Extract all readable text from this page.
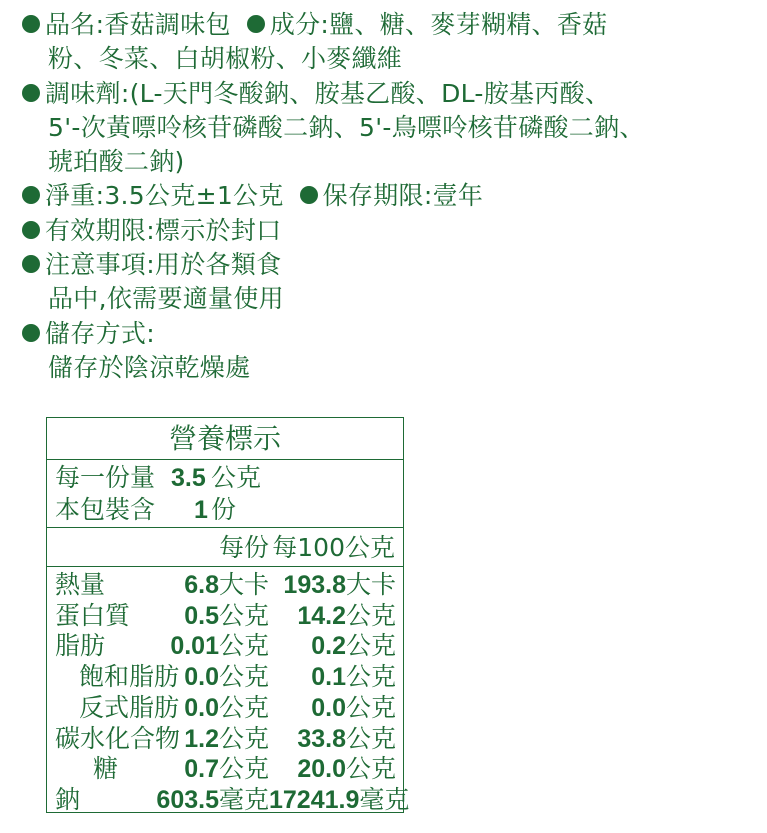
品名:香菇調味包 成分:鹽、糖、麥芽糊精、香菇
粉、冬菜、白胡椒粉、小麥纖維
調味劑:(L-天門冬酸鈉、胺基乙酸、DL-胺基丙酸、
5'-次黃嘌呤核苷磷酸二鈉、5'-鳥嘌呤核苷磷酸二鈉、
琥珀酸二鈉)
淨重:3.5公克±1公克 保存期限:壹年
有效期限:標示於封口
注意事項:用於各類食
品中,依需要適量使用
儲存方式:
儲存於陰涼乾燥處
營養標示
每一份量 3.5 公克
本包裝含 1 份
每份 每100公克
熱量	6.8大卡 193.8大卡
蛋白質	0.5公克	14.2公克
脂肪	0.01公克	0.2公克
飽和脂肪 0.0公克	0.1公克
反式脂肪 0.0公克	0.0公克
碳水化合物 1.2公克	33.8公克
糖	0.7公克	20.0公克
鈉	603.5毫克 17241.9毫克
